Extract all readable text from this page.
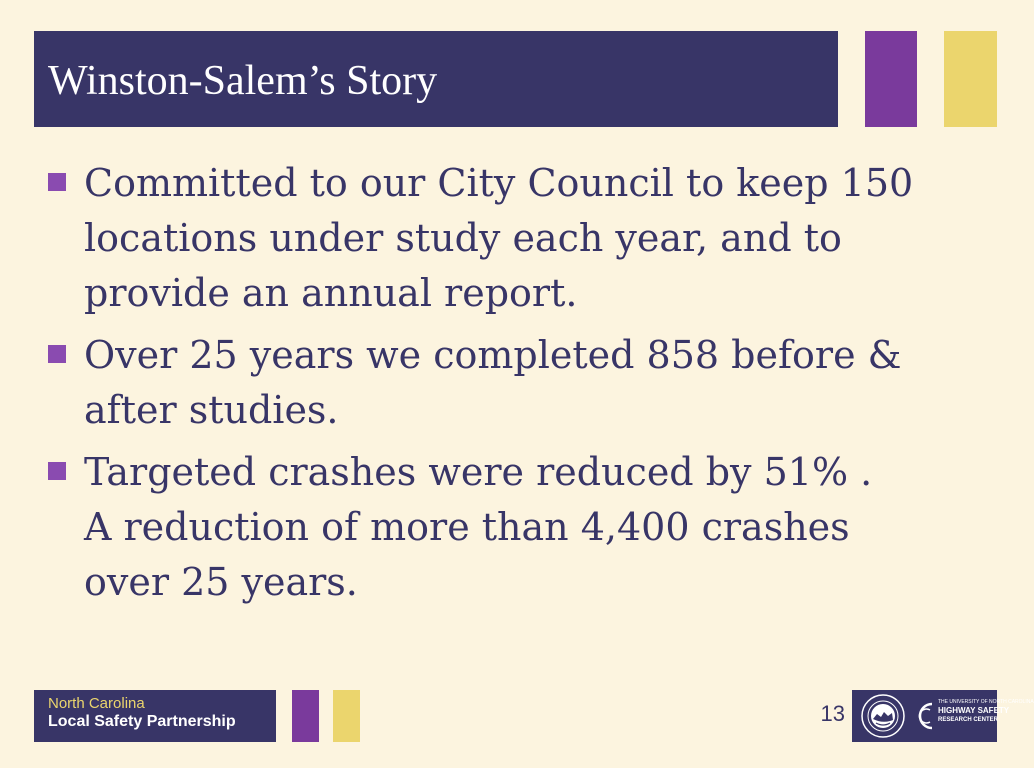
Winston-Salem’s Story
Committed to our City Council to keep 150
locations under study each year, and to
provide an annual report.
Over 25 years we completed 858 before &
after studies.
Targeted crashes were reduced by 51% .
A reduction of more than 4,400 crashes
over 25 years.
North Carolina
Local Safety Partnership	13	THE UNIVERSITY OF NORTH CAROLINA
HIGHWAY SAFETY
RESEARCH CENTER
